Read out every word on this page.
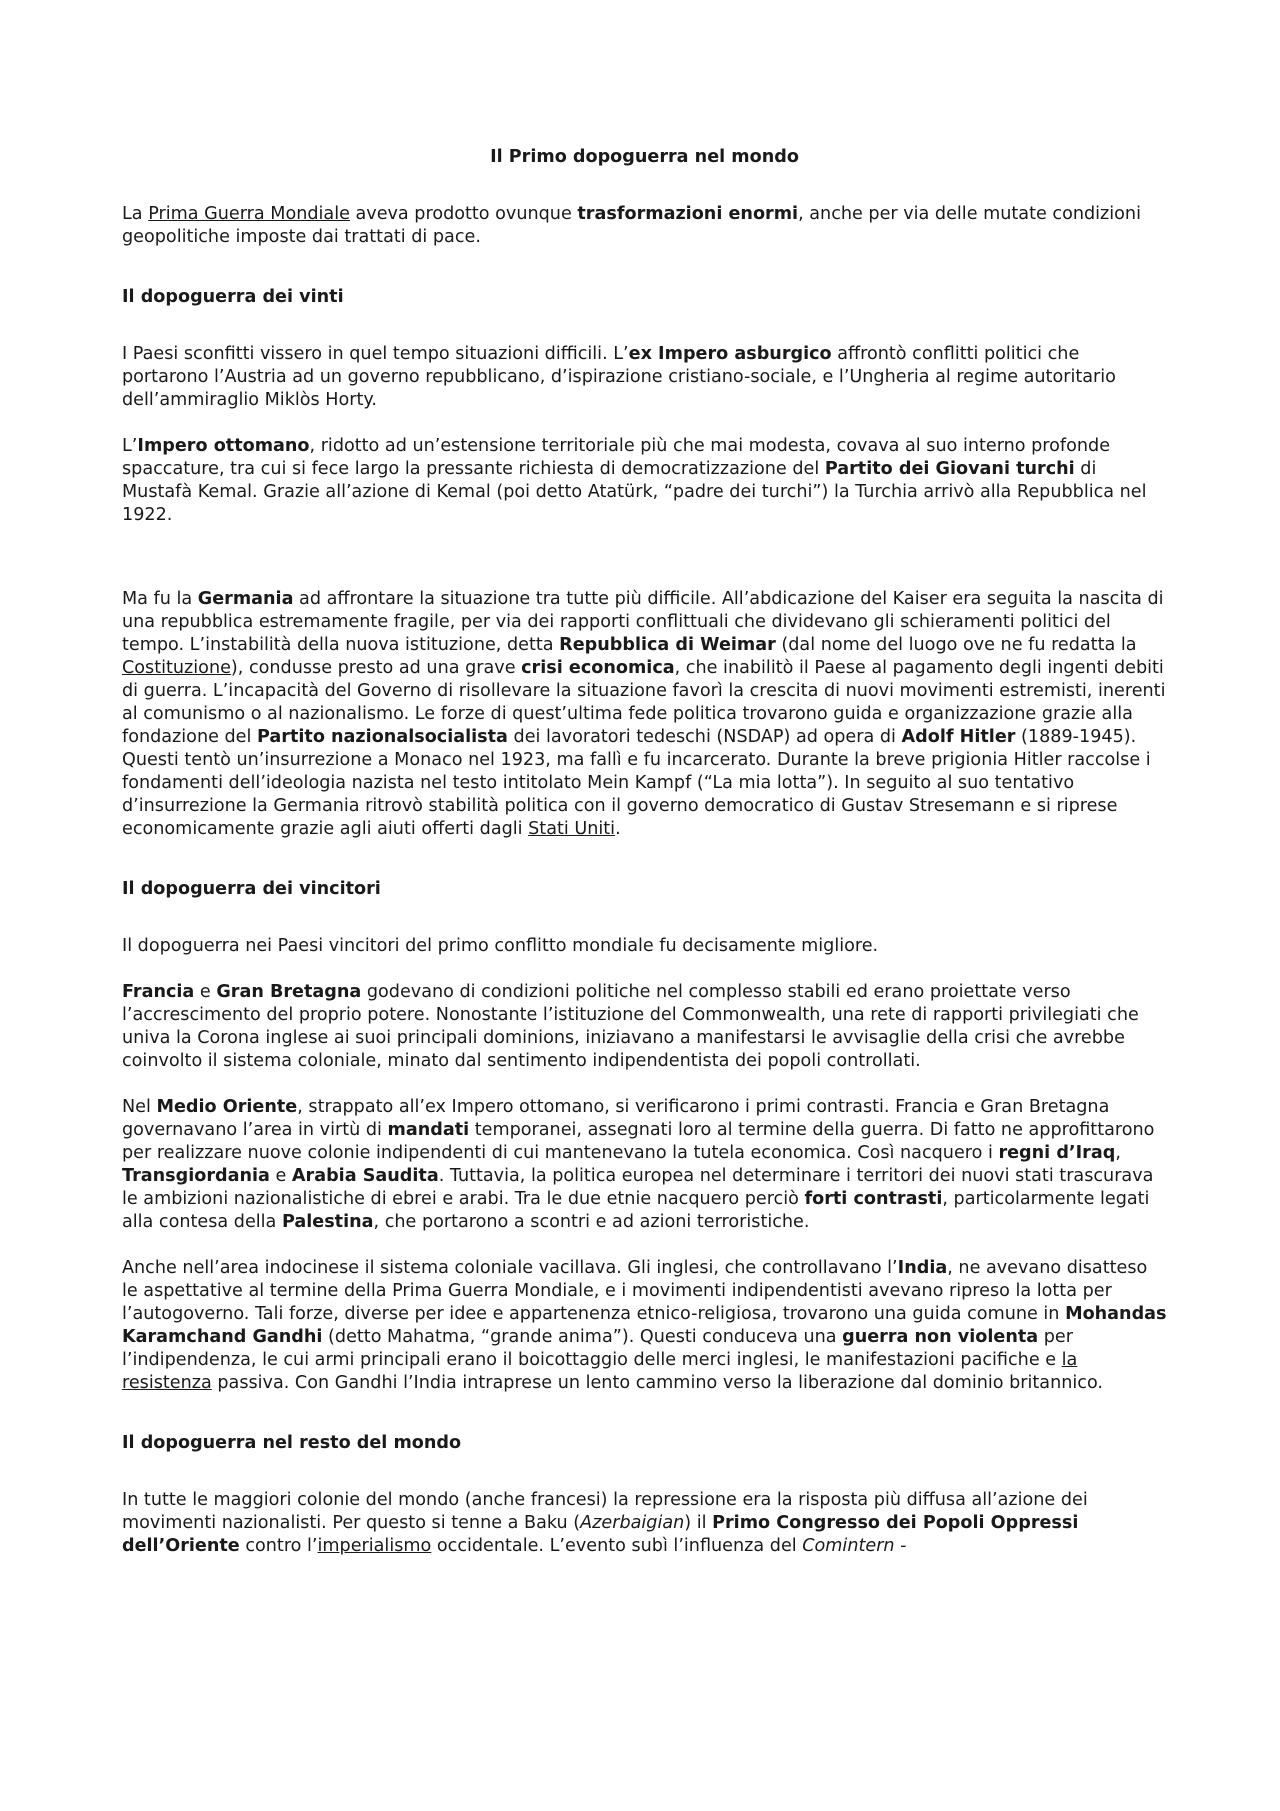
Il Primo dopoguerra nel mondo

La Prima Guerra Mondiale aveva prodotto ovunque trasformazioni enormi, anche per via delle mutate condizioni geopolitiche imposte dai trattati di pace.

Il dopoguerra dei vinti

I Paesi sconfitti vissero in quel tempo situazioni difficili. L’ex Impero asburgico affrontò conflitti politici che portarono l’Austria ad un governo repubblicano, d’ispirazione cristiano-sociale, e l’Ungheria al regime autoritario dell’ammiraglio Miklòs Horty.

L’Impero ottomano, ridotto ad un’estensione territoriale più che mai modesta, covava al suo interno profonde spaccature, tra cui si fece largo la pressante richiesta di democratizzazione del Partito dei Giovani turchi di Mustafà Kemal. Grazie all’azione di Kemal (poi detto Atatürk, “padre dei turchi”) la Turchia arrivò alla Repubblica nel 1922.

Ma fu la Germania ad affrontare la situazione tra tutte più difficile. All’abdicazione del Kaiser era seguita la nascita di una repubblica estremamente fragile, per via dei rapporti conflittuali che dividevano gli schieramenti politici del tempo. L’instabilità della nuova istituzione, detta Repubblica di Weimar (dal nome del luogo ove ne fu redatta la Costituzione), condusse presto ad una grave crisi economica, che inabilitò il Paese al pagamento degli ingenti debiti di guerra. L’incapacità del Governo di risollevare la situazione favorì la crescita di nuovi movimenti estremisti, inerenti al comunismo o al nazionalismo. Le forze di quest’ultima fede politica trovarono guida e organizzazione grazie alla fondazione del Partito nazionalsocialista dei lavoratori tedeschi (NSDAP) ad opera di Adolf Hitler (1889-1945). Questi tentò un’insurrezione a Monaco nel 1923, ma fallì e fu incarcerato. Durante la breve prigionia Hitler raccolse i fondamenti dell’ideologia nazista nel testo intitolato Mein Kampf (“La mia lotta”). In seguito al suo tentativo d’insurrezione la Germania ritrovò stabilità politica con il governo democratico di Gustav Stresemann e si riprese economicamente grazie agli aiuti offerti dagli Stati Uniti.

Il dopoguerra dei vincitori

Il dopoguerra nei Paesi vincitori del primo conflitto mondiale fu decisamente migliore.

Francia e Gran Bretagna godevano di condizioni politiche nel complesso stabili ed erano proiettate verso l’accrescimento del proprio potere. Nonostante l’istituzione del Commonwealth, una rete di rapporti privilegiati che univa la Corona inglese ai suoi principali dominions, iniziavano a manifestarsi le avvisaglie della crisi che avrebbe coinvolto il sistema coloniale, minato dal sentimento indipendentista dei popoli controllati.

Nel Medio Oriente, strappato all’ex Impero ottomano, si verificarono i primi contrasti. Francia e Gran Bretagna governavano l’area in virtù di mandati temporanei, assegnati loro al termine della guerra. Di fatto ne approfittarono per realizzare nuove colonie indipendenti di cui mantenevano la tutela economica. Così nacquero i regni d’Iraq, Transgiordania e Arabia Saudita. Tuttavia, la politica europea nel determinare i territori dei nuovi stati trascurava le ambizioni nazionalistiche di ebrei e arabi. Tra le due etnie nacquero perciò forti contrasti, particolarmente legati alla contesa della Palestina, che portarono a scontri e ad azioni terroristiche.

Anche nell’area indocinese il sistema coloniale vacillava. Gli inglesi, che controllavano l’India, ne avevano disatteso le aspettative al termine della Prima Guerra Mondiale, e i movimenti indipendentisti avevano ripreso la lotta per l’autogoverno. Tali forze, diverse per idee e appartenenza etnico-religiosa, trovarono una guida comune in Mohandas Karamchand Gandhi (detto Mahatma, “grande anima”). Questi conduceva una guerra non violenta per l’indipendenza, le cui armi principali erano il boicottaggio delle merci inglesi, le manifestazioni pacifiche e la resistenza passiva. Con Gandhi l’India intraprese un lento cammino verso la liberazione dal dominio britannico.

Il dopoguerra nel resto del mondo

In tutte le maggiori colonie del mondo (anche francesi) la repressione era la risposta più diffusa all’azione dei movimenti nazionalisti. Per questo si tenne a Baku (Azerbaigian) il Primo Congresso dei Popoli Oppressi dell’Oriente contro l’imperialismo occidentale. L’evento subì l’influenza del Comintern -
